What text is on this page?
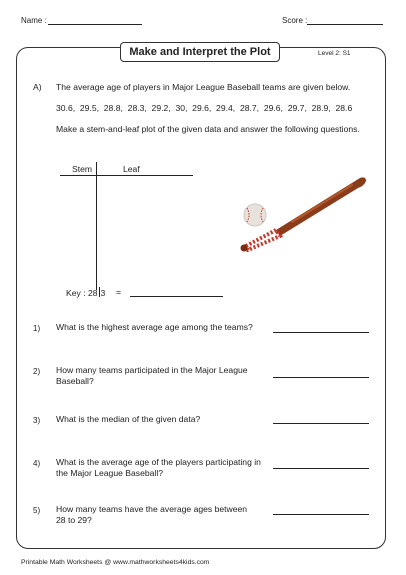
Name :	Score :
Make and Interpret the Plot	Level 2: S1
A) The average age of players in Major League Baseball teams are given below.
30.6,  29.5,  28.8,  28.3,  29.2,  30,  29.6,  29.4,  28.7,  29.6,  29.7,  28.9,  28.6
Make a stem-and-leaf plot of the given data and answer the following questions.
Stem	Leaf
Key : 28 3 =
1) What is the highest average age among the teams?
2) How many teams participated in the Major League
Baseball?
3) What is the median of the given data?
4) What is the average age of the players participating in
the Major League Baseball?
5) How many teams have the average ages between
28 to 29?
Printable Math Worksheets @ www.mathworksheets4kids.com
